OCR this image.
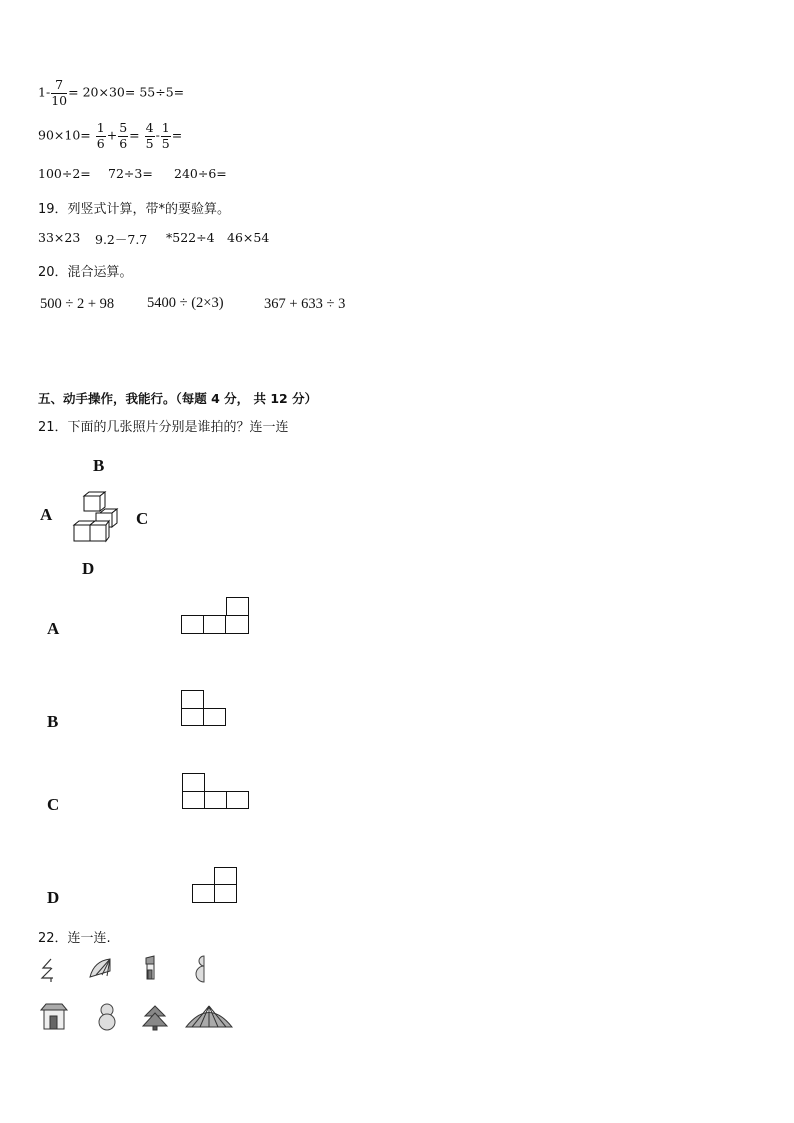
$1- \frac{7}{10} = 20\times 30= 55\div 5=$
$90\times 10= \frac{1}{6} + \frac{5}{6} = \frac{4}{5} - \frac{1}{5}$ =
100÷2= 72÷3= 240÷6=
19．列竖式计算，带*的要验算。
33×23 9.2－7.7 *522÷4 46×54
20．混合运算。
500 ÷ 2 + 98 5400 ÷ (2×3)	367 + 633 ÷ 3
五、动手操作，我能行。（每题 4 分， 共 12 分）
21．下面的几张照片分别是谁拍的？连一连
B
A	C
D
A
B
C
D
22．连一连.
